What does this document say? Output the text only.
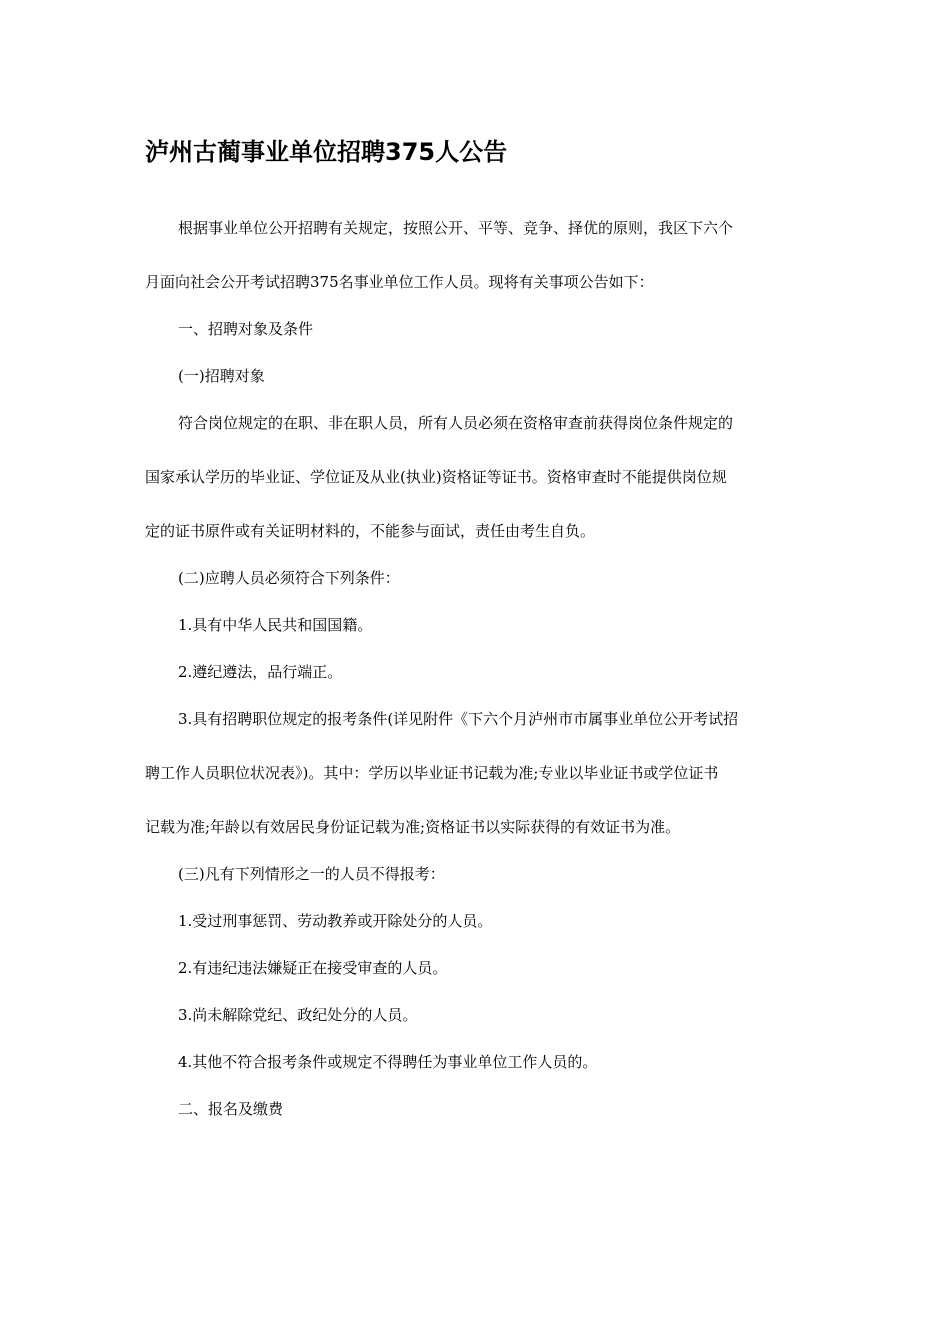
泸州古蔺事业单位招聘375人公告

根据事业单位公开招聘有关规定，按照公开、平等、竞争、择优的原则，我区下六个

月面向社会公开考试招聘375名事业单位工作人员。现将有关事项公告如下：

一、招聘对象及条件

(一)招聘对象

符合岗位规定的在职、非在职人员，所有人员必须在资格审查前获得岗位条件规定的

国家承认学历的毕业证、学位证及从业(执业)资格证等证书。资格审查时不能提供岗位规

定的证书原件或有关证明材料的，不能参与面试，责任由考生自负。

(二)应聘人员必须符合下列条件：

1.具有中华人民共和国国籍。

2.遵纪遵法，品行端正。

3.具有招聘职位规定的报考条件(详见附件《下六个月泸州市市属事业单位公开考试招

聘工作人员职位状况表》)。其中：学历以毕业证书记载为准;专业以毕业证书或学位证书

记载为准;年龄以有效居民身份证记载为准;资格证书以实际获得的有效证书为准。

(三)凡有下列情形之一的人员不得报考：

1.受过刑事惩罚、劳动教养或开除处分的人员。

2.有违纪违法嫌疑正在接受审查的人员。

3.尚未解除党纪、政纪处分的人员。

4.其他不符合报考条件或规定不得聘任为事业单位工作人员的。

二、报名及缴费
